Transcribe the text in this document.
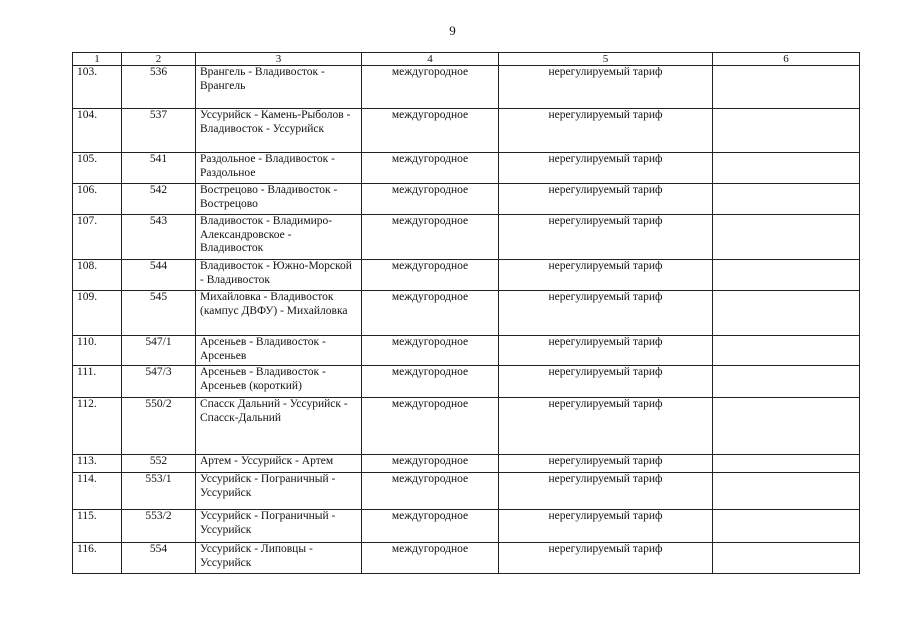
9
1	2	3	4	5	6
103.	536	Врангель - Владивосток - Врангель	междугородное	нерегулируемый тариф	
104.	537	Уссурийск - Камень-Рыболов - Владивосток - Уссурийск	междугородное	нерегулируемый тариф	
105.	541	Раздольное - Владивосток - Раздольное	междугородное	нерегулируемый тариф	
106.	542	Вострецово - Владивосток - Вострецово	междугородное	нерегулируемый тариф	
107.	543	Владивосток - Владимиро-Александровское - Владивосток	междугородное	нерегулируемый тариф	
108.	544	Владивосток - Южно-Морской - Владивосток	междугородное	нерегулируемый тариф	
109.	545	Михайловка - Владивосток (кампус ДВФУ) - Михайловка	междугородное	нерегулируемый тариф	
110.	547/1	Арсеньев - Владивосток - Арсеньев	междугородное	нерегулируемый тариф	
111.	547/3	Арсеньев - Владивосток - Арсеньев (короткий)	междугородное	нерегулируемый тариф	
112.	550/2	Спасск Дальний - Уссурийск - Спасск-Дальний	междугородное	нерегулируемый тариф	
113.	552	Артем - Уссурийск - Артем	междугородное	нерегулируемый тариф	
114.	553/1	Уссурийск - Пограничный - Уссурийск	междугородное	нерегулируемый тариф	
115.	553/2	Уссурийск - Пограничный - Уссурийск	междугородное	нерегулируемый тариф	
116.	554	Уссурийск - Липовцы - Уссурийск	междугородное	нерегулируемый тариф	
